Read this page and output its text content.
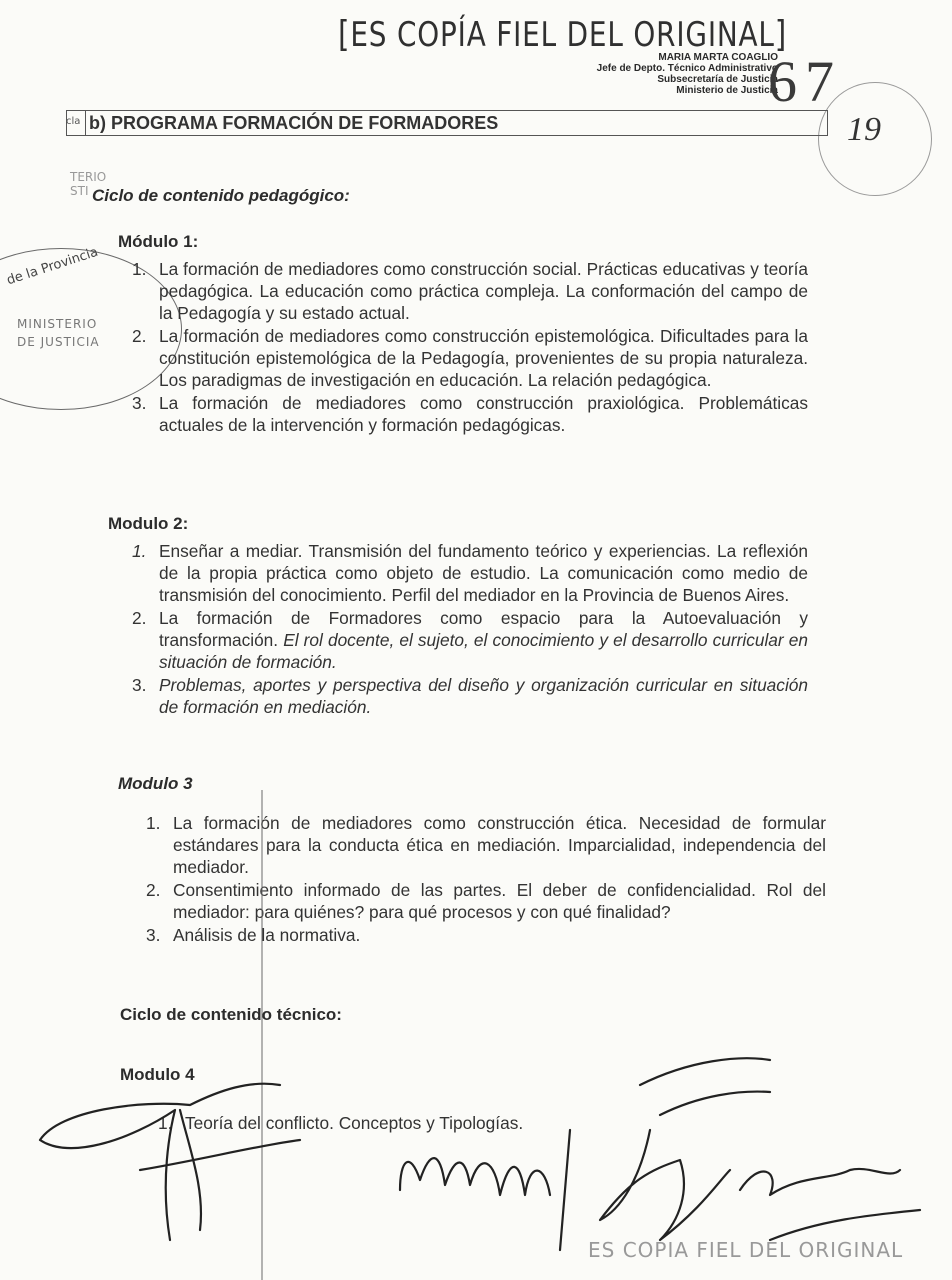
[ ES COPÍA FIEL DEL ORIGINAL ]
MARIA MARTA COAGLIO
Jefe de Depto. Técnico Administrativo
Subsecretaría de Justicia
Ministerio de Justicia
67
19
cla b) PROGRAMA FORMACIÓN DE FORMADORES
de la Provincia
MINISTERIO
DE JUSTICIA
TERIO
STI Ciclo de contenido pedagógico:
Módulo 1:
1. La formación de mediadores como construcción social. Prácticas educativas y teoría pedagógica. La educación como práctica compleja. La conformación del campo de la Pedagogía y su estado actual.
2. La formación de mediadores como construcción epistemológica. Dificultades para la constitución epistemológica de la Pedagogía, provenientes de su propia naturaleza. Los paradigmas de investigación en educación. La relación pedagógica.
3. La formación de mediadores como construcción praxiológica. Problemáticas actuales de la intervención y formación pedagógicas.
Modulo 2:
1. Enseñar a mediar. Transmisión del fundamento teórico y experiencias. La reflexión de la propia práctica como objeto de estudio. La comunicación como medio de transmisión del conocimiento. Perfil del mediador en la Provincia de Buenos Aires.
2. La formación de Formadores como espacio para la Autoevaluación y transformación. El rol docente, el sujeto, el conocimiento y el desarrollo curricular en situación de formación.
3. Problemas, aportes y perspectiva del diseño y organización curricular en situación de formación en mediación.
Modulo 3
1. La formación de mediadores como construcción ética. Necesidad de formular estándares para la conducta ética en mediación. Imparcialidad, independencia del mediador.
2. Consentimiento informado de las partes. El deber de confidencialidad. Rol del mediador: para quiénes? para qué procesos y con qué finalidad?
3. Análisis de la normativa.
Ciclo de contenido técnico:
Modulo 4
1. Teoría del conflicto. Conceptos y Tipologías.
ES COPIA FIEL DEL ORIGINAL
